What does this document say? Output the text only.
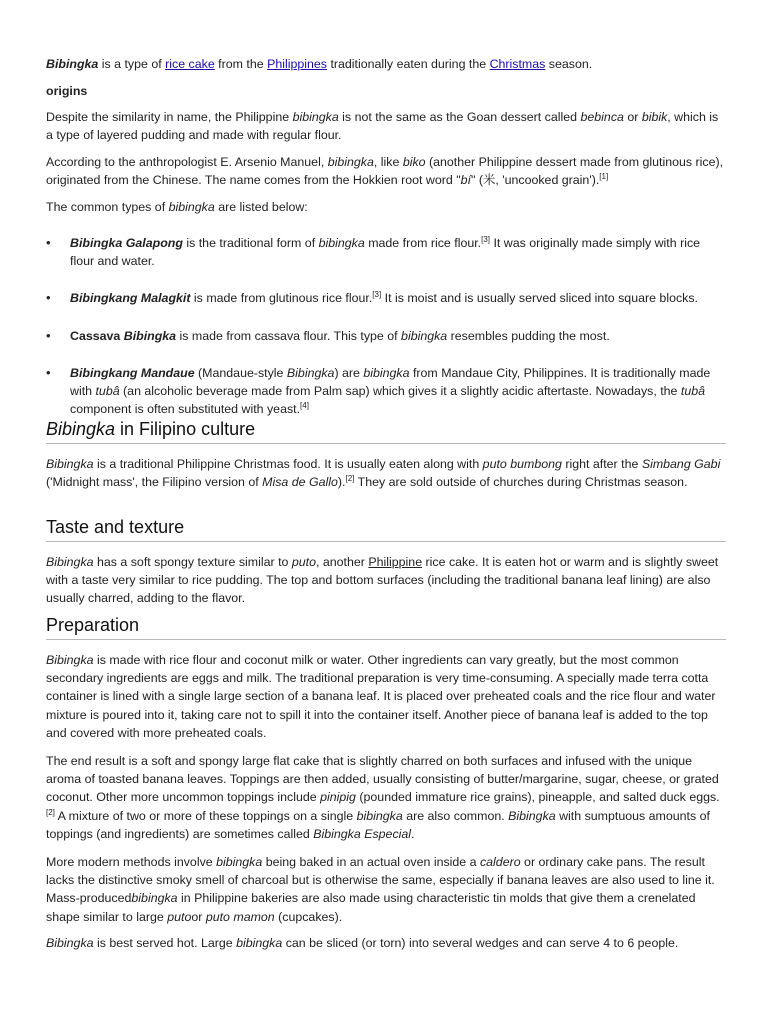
Bibingka is a type of rice cake from the Philippines traditionally eaten during the Christmas season.

origins

Despite the similarity in name, the Philippine bibingka is not the same as the Goan dessert called bebinca or bibik, which is a type of layered pudding and made with regular flour.

According to the anthropologist E. Arsenio Manuel, bibingka, like biko (another Philippine dessert made from glutinous rice), originated from the Chinese. The name comes from the Hokkien root word "bí" (米, 'uncooked grain').[1]

The common types of bibingka are listed below:

• Bibingka Galapong is the traditional form of bibingka made from rice flour.[3] It was originally made simply with rice flour and water.
• Bibingkang Malagkit is made from glutinous rice flour.[3] It is moist and is usually served sliced into square blocks.
• Cassava Bibingka is made from cassava flour. This type of bibingka resembles pudding the most.
• Bibingkang Mandaue (Mandaue-style Bibingka) are bibingka from Mandaue City, Philippines. It is traditionally made with tubâ (an alcoholic beverage made from Palm sap) which gives it a slightly acidic aftertaste. Nowadays, the tubâ component is often substituted with yeast.[4]
Bibingka in Filipino culture

Bibingka is a traditional Philippine Christmas food. It is usually eaten along with puto bumbong right after the Simbang Gabi ('Midnight mass', the Filipino version of Misa de Gallo).[2] They are sold outside of churches during Christmas season.

Taste and texture

Bibingka has a soft spongy texture similar to puto, another Philippine rice cake. It is eaten hot or warm and is slightly sweet with a taste very similar to rice pudding. The top and bottom surfaces (including the traditional banana leaf lining) are also usually charred, adding to the flavor.

Preparation

Bibingka is made with rice flour and coconut milk or water. Other ingredients can vary greatly, but the most common secondary ingredients are eggs and milk. The traditional preparation is very time-consuming. A specially made terra cotta container is lined with a single large section of a banana leaf. It is placed over preheated coals and the rice flour and water mixture is poured into it, taking care not to spill it into the container itself. Another piece of banana leaf is added to the top and covered with more preheated coals.

The end result is a soft and spongy large flat cake that is slightly charred on both surfaces and infused with the unique aroma of toasted banana leaves. Toppings are then added, usually consisting of butter/margarine, sugar, cheese, or grated coconut. Other more uncommon toppings include pinipig (pounded immature rice grains), pineapple, and salted duck eggs.[2] A mixture of two or more of these toppings on a single bibingka are also common. Bibingka with sumptuous amounts of toppings (and ingredients) are sometimes called Bibingka Especial.

More modern methods involve bibingka being baked in an actual oven inside a caldero or ordinary cake pans. The result lacks the distinctive smoky smell of charcoal but is otherwise the same, especially if banana leaves are also used to line it. Mass-producedbibingka in Philippine bakeries are also made using characteristic tin molds that give them a crenelated shape similar to large putoor puto mamon (cupcakes).

Bibingka is best served hot. Large bibingka can be sliced (or torn) into several wedges and can serve 4 to 6 people.
